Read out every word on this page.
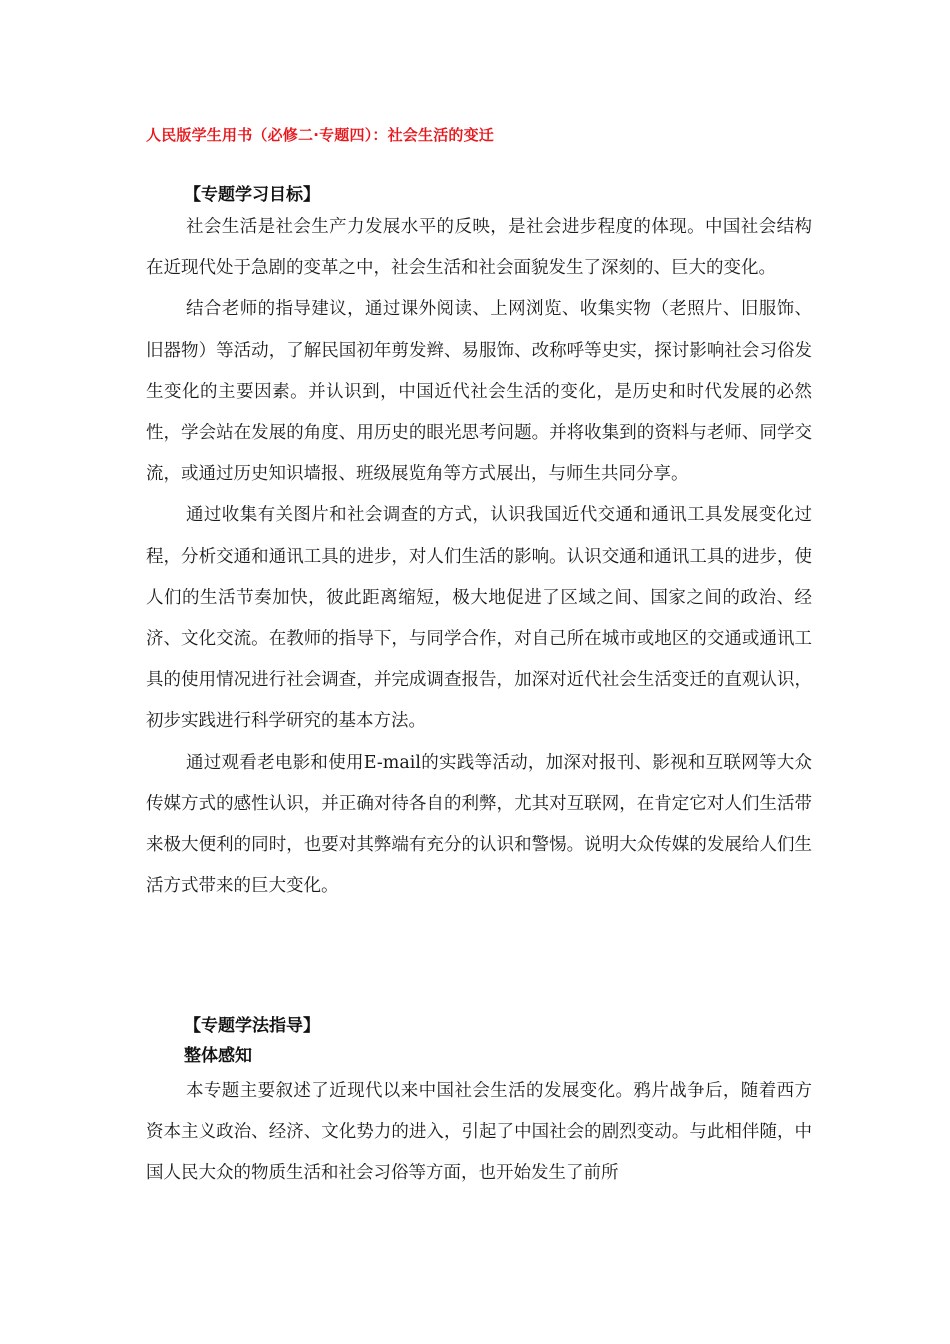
人民版学生用书（必修二·专题四）：社会生活的变迁
【专题学习目标】

社会生活是社会生产力发展水平的反映，是社会进步程度的体现。中国社会结构在近现代处于急剧的变革之中，社会生活和社会面貌发生了深刻的、巨大的变化。

结合老师的指导建议，通过课外阅读、上网浏览、收集实物（老照片、旧服饰、旧器物）等活动，了解民国初年剪发辫、易服饰、改称呼等史实，探讨影响社会习俗发生变化的主要因素。并认识到，中国近代社会生活的变化，是历史和时代发展的必然性，学会站在发展的角度、用历史的眼光思考问题。并将收集到的资料与老师、同学交流，或通过历史知识墙报、班级展览角等方式展出，与师生共同分享。

通过收集有关图片和社会调查的方式，认识我国近代交通和通讯工具发展变化过程，分析交通和通讯工具的进步，对人们生活的影响。认识交通和通讯工具的进步，使人们的生活节奏加快，彼此距离缩短，极大地促进了区域之间、国家之间的政治、经济、文化交流。在教师的指导下，与同学合作，对自己所在城市或地区的交通或通讯工具的使用情况进行社会调查，并完成调查报告，加深对近代社会生活变迁的直观认识，初步实践进行科学研究的基本方法。

通过观看老电影和使用E-mail的实践等活动，加深对报刊、影视和互联网等大众传媒方式的感性认识，并正确对待各自的利弊，尤其对互联网，在肯定它对人们生活带来极大便利的同时，也要对其弊端有充分的认识和警惕。说明大众传媒的发展给人们生活方式带来的巨大变化。

【专题学法指导】
整体感知

本专题主要叙述了近现代以来中国社会生活的发展变化。鸦片战争后，随着西方资本主义政治、经济、文化势力的进入，引起了中国社会的剧烈变动。与此相伴随，中国人民大众的物质生活和社会习俗等方面，也开始发生了前所
